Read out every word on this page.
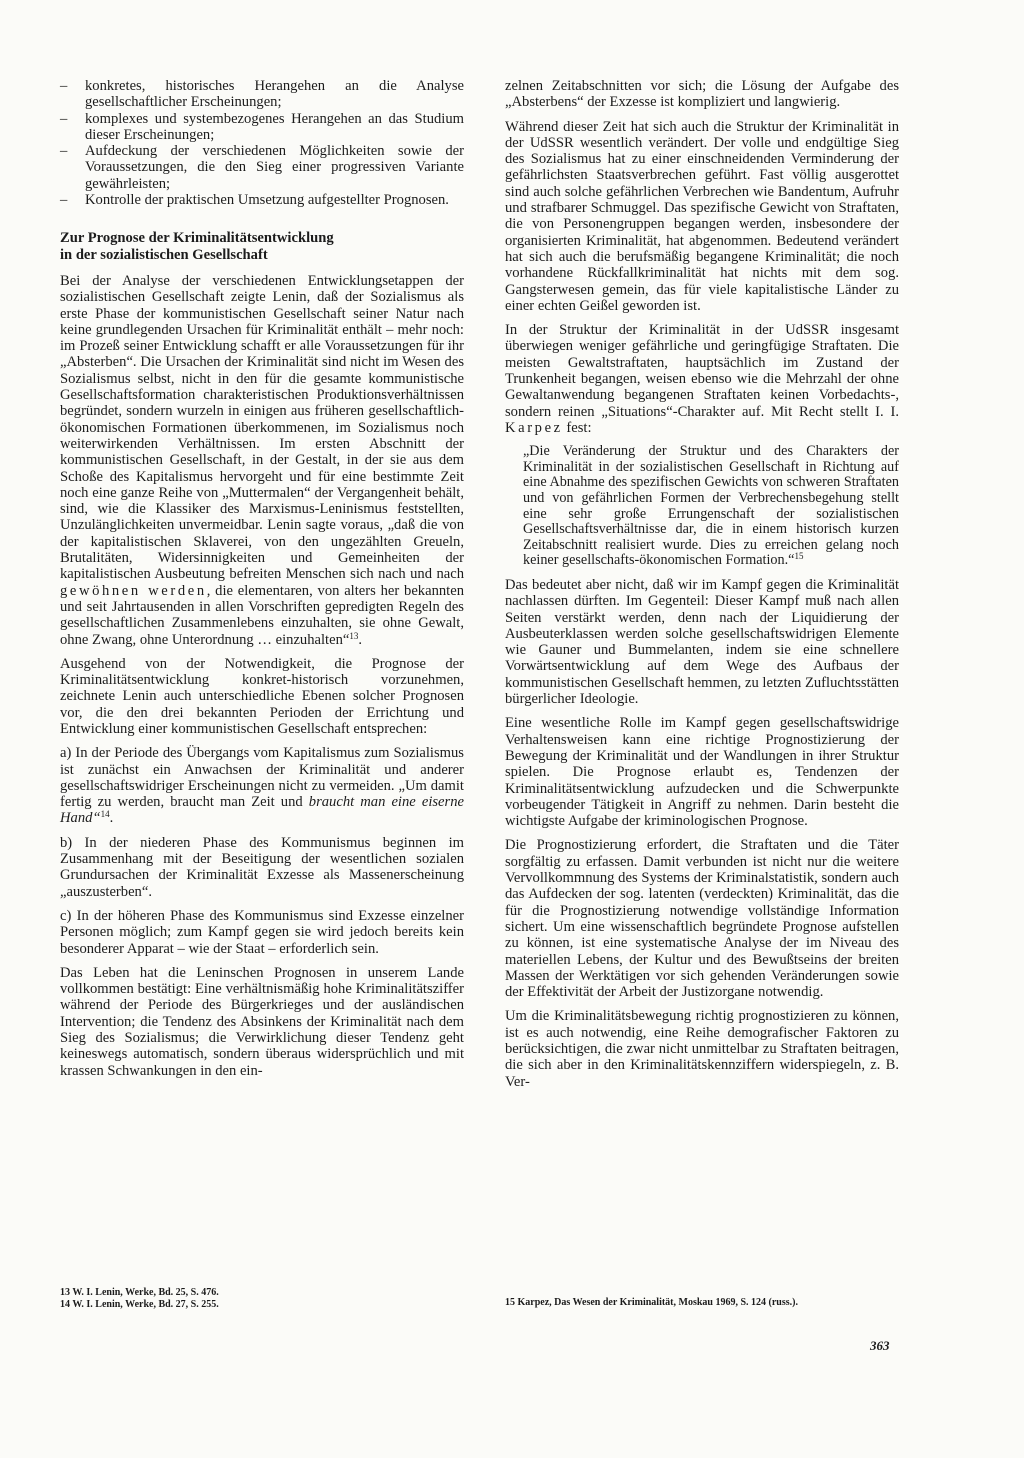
– konkretes, historisches Herangehen an die Analyse gesellschaftlicher Erscheinungen;
– komplexes und systembezogenes Herangehen an das Studium dieser Erscheinungen;
– Aufdeckung der verschiedenen Möglichkeiten sowie der Voraussetzungen, die den Sieg einer progressiven Variante gewährleisten;
– Kontrolle der praktischen Umsetzung aufgestellter Prognosen.
Zur Prognose der Kriminalitätsentwicklung
in der sozialistischen Gesellschaft

Bei der Analyse der verschiedenen Entwicklungsetappen der sozialistischen Gesellschaft zeigte Lenin, daß der Sozialismus als erste Phase der kommunistischen Gesellschaft seiner Natur nach keine grundlegenden Ursachen für Kriminalität enthält – mehr noch: im Prozeß seiner Entwicklung schafft er alle Voraussetzungen für ihr „Absterben“. Die Ursachen der Kriminalität sind nicht im Wesen des Sozialismus selbst, nicht in den für die gesamte kommunistische Gesellschaftsformation charakteristischen Produktionsverhältnissen begründet, sondern wurzeln in einigen aus früheren gesellschaftlich-ökonomischen Formationen überkommenen, im Sozialismus noch weiterwirkenden Verhältnissen. Im ersten Abschnitt der kommunistischen Gesellschaft, in der Gestalt, in der sie aus dem Schoße des Kapitalismus hervorgeht und für eine bestimmte Zeit noch eine ganze Reihe von „Muttermalen“ der Vergangenheit behält, sind, wie die Klassiker des Marxismus-Leninismus feststellten, Unzulänglichkeiten unvermeidbar. Lenin sagte voraus, „daß die von der kapitalistischen Sklaverei, von den ungezählten Greueln, Brutalitäten, Widersinnigkeiten und Gemeinheiten der kapitalistischen Ausbeutung befreiten Menschen sich nach und nach gewöhnen werden, die elementaren, von alters her bekannten und seit Jahrtausenden in allen Vorschriften gepredigten Regeln des gesellschaftlichen Zusammenlebens einzuhalten, sie ohne Gewalt, ohne Zwang, ohne Unterordnung … einzuhalten“$^{13}$.

Ausgehend von der Notwendigkeit, die Prognose der Kriminalitätsentwicklung konkret-historisch vorzunehmen, zeichnete Lenin auch unterschiedliche Ebenen solcher Prognosen vor, die den drei bekannten Perioden der Errichtung und Entwicklung einer kommunistischen Gesellschaft entsprechen:

a) In der Periode des Übergangs vom Kapitalismus zum Sozialismus ist zunächst ein Anwachsen der Kriminalität und anderer gesellschaftswidriger Erscheinungen nicht zu vermeiden. „Um damit fertig zu werden, braucht man Zeit und braucht man eine eiserne Hand“$^{14}$.

b) In der niederen Phase des Kommunismus beginnen im Zusammenhang mit der Beseitigung der wesentlichen sozialen Grundursachen der Kriminalität Exzesse als Massenerscheinung „auszusterben“.

c) In der höheren Phase des Kommunismus sind Exzesse einzelner Personen möglich; zum Kampf gegen sie wird jedoch bereits kein besonderer Apparat – wie der Staat – erforderlich sein.

Das Leben hat die Leninschen Prognosen in unserem Lande vollkommen bestätigt: Eine verhältnismäßig hohe Kriminalitätsziffer während der Periode des Bürgerkrieges und der ausländischen Intervention; die Tendenz des Absinkens der Kriminalität nach dem Sieg des Sozialismus; die Verwirklichung dieser Tendenz geht keineswegs automatisch, sondern überaus widersprüchlich und mit krassen Schwankungen in den ein-

zelnen Zeitabschnitten vor sich; die Lösung der Aufgabe des „Absterbens“ der Exzesse ist kompliziert und langwierig.

Während dieser Zeit hat sich auch die Struktur der Kriminalität in der UdSSR wesentlich verändert. Der volle und endgültige Sieg des Sozialismus hat zu einer einschneidenden Verminderung der gefährlichsten Staatsverbrechen geführt. Fast völlig ausgerottet sind auch solche gefährlichen Verbrechen wie Bandentum, Aufruhr und strafbarer Schmuggel. Das spezifische Gewicht von Straftaten, die von Personengruppen begangen werden, insbesondere der organisierten Kriminalität, hat abgenommen. Bedeutend verändert hat sich auch die berufsmäßig begangene Kriminalität; die noch vorhandene Rückfallkriminalität hat nichts mit dem sog. Gangsterwesen gemein, das für viele kapitalistische Länder zu einer echten Geißel geworden ist.

In der Struktur der Kriminalität in der UdSSR insgesamt überwiegen weniger gefährliche und geringfügige Straftaten. Die meisten Gewaltstraftaten, hauptsächlich im Zustand der Trunkenheit begangen, weisen ebenso wie die Mehrzahl der ohne Gewaltanwendung begangenen Straftaten keinen Vorbedachts-, sondern reinen „Situations“-Charakter auf. Mit Recht stellt I. I. Karpez fest:

„Die Veränderung der Struktur und des Charakters der Kriminalität in der sozialistischen Gesellschaft in Richtung auf eine Abnahme des spezifischen Gewichts von schweren Straftaten und von gefährlichen Formen der Verbrechensbegehung stellt eine sehr große Errungenschaft der sozialistischen Gesellschaftsverhältnisse dar, die in einem historisch kurzen Zeitabschnitt realisiert wurde. Dies zu erreichen gelang noch keiner gesellschafts-ökonomischen Formation.“$^{15}$

Das bedeutet aber nicht, daß wir im Kampf gegen die Kriminalität nachlassen dürften. Im Gegenteil: Dieser Kampf muß nach allen Seiten verstärkt werden, denn nach der Liquidierung der Ausbeuterklassen werden solche gesellschaftswidrigen Elemente wie Gauner und Bummelanten, indem sie eine schnellere Vorwärtsentwicklung auf dem Wege des Aufbaus der kommunistischen Gesellschaft hemmen, zu letzten Zufluchtsstätten bürgerlicher Ideologie.

Eine wesentliche Rolle im Kampf gegen gesellschaftswidrige Verhaltensweisen kann eine richtige Prognostizierung der Bewegung der Kriminalität und der Wandlungen in ihrer Struktur spielen. Die Prognose erlaubt es, Tendenzen der Kriminalitätsentwicklung aufzudecken und die Schwerpunkte vorbeugender Tätigkeit in Angriff zu nehmen. Darin besteht die wichtigste Aufgabe der kriminologischen Prognose.

Die Prognostizierung erfordert, die Straftaten und die Täter sorgfältig zu erfassen. Damit verbunden ist nicht nur die weitere Vervollkommnung des Systems der Kriminalstatistik, sondern auch das Aufdecken der sog. latenten (verdeckten) Kriminalität, das die für die Prognostizierung notwendige vollständige Information sichert. Um eine wissenschaftlich begründete Prognose aufstellen zu können, ist eine systematische Analyse der im Niveau des materiellen Lebens, der Kultur und des Bewußtseins der breiten Massen der Werktätigen vor sich gehenden Veränderungen sowie der Effektivität der Arbeit der Justizorgane notwendig.

Um die Kriminalitätsbewegung richtig prognostizieren zu können, ist es auch notwendig, eine Reihe demografischer Faktoren zu berücksichtigen, die zwar nicht unmittelbar zu Straftaten beitragen, die sich aber in den Kriminalitätskennziffern widerspiegeln, z. B. Ver-

13 W. I. Lenin, Werke, Bd. 25, S. 476.

14 W. I. Lenin, Werke, Bd. 27, S. 255.	15 Karpez, Das Wesen der Kriminalität, Moskau 1969, S. 124 (russ.).

363
